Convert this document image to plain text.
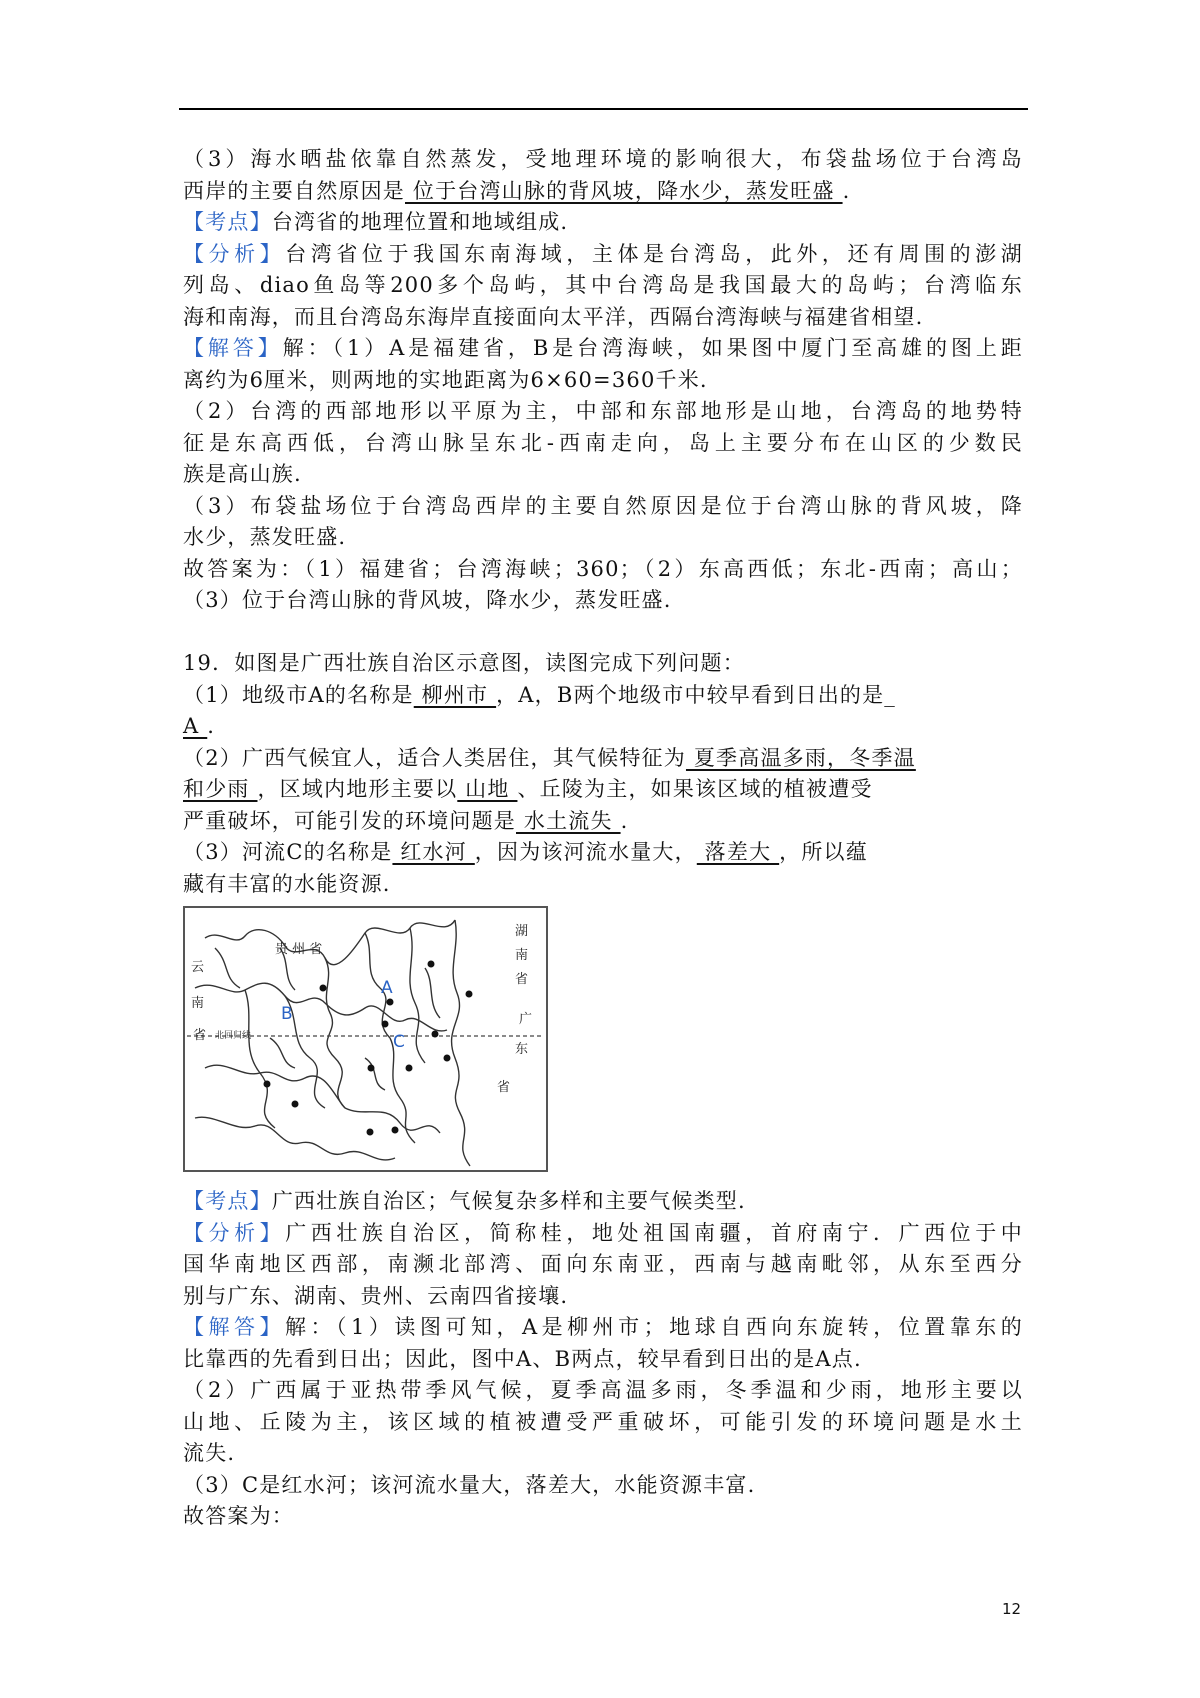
（3）海水晒盐依靠自然蒸发，受地理环境的影响很大，布袋盐场位于台湾岛
西岸的主要自然原因是 位于台湾山脉的背风坡，降水少，蒸发旺盛 .
【考点】台湾省的地理位置和地域组成.
【分析】台湾省位于我国东南海域，主体是台湾岛，此外，还有周围的澎湖
列岛、diao鱼岛等200多个岛屿，其中台湾岛是我国最大的岛屿；台湾临东
海和南海，而且台湾岛东海岸直接面向太平洋，西隔台湾海峡与福建省相望.
【解答】解：（1）A是福建省，B是台湾海峡，如果图中厦门至高雄的图上距
离约为6厘米，则两地的实地距离为6×60=360千米.
（2）台湾的西部地形以平原为主，中部和东部地形是山地，台湾岛的地势特
征是东高西低，台湾山脉呈东北-西南走向，岛上主要分布在山区的少数民
族是高山族.
（3）布袋盐场位于台湾岛西岸的主要自然原因是位于台湾山脉的背风坡，降
水少，蒸发旺盛.
故答案为：（1）福建省；台湾海峡；360；（2）东高西低；东北-西南；高山；
（3）位于台湾山脉的背风坡，降水少，蒸发旺盛.
19．如图是广西壮族自治区示意图，读图完成下列问题：
（1）地级市A的名称是 柳州市 ，A，B两个地级市中较早看到日出的是_
A .
（2）广西气候宜人，适合人类居住，其气候特征为 夏季高温多雨，冬季温
和少雨 ，区域内地形主要以 山地 、丘陵为主，如果该区域的植被遭受
严重破坏，可能引发的环境问题是 水土流失 .
（3）河流C的名称是 红水河 ，因为该河流水量大， 落差大 ，所以蕴
藏有丰富的水能资源.
贵 州 省
湖
南
省
云
南
省
广
东
省
北回归线
A
B
C
【考点】广西壮族自治区；气候复杂多样和主要气候类型.
【分析】广西壮族自治区，简称桂，地处祖国南疆，首府南宁．广西位于中
国华南地区西部，南濒北部湾、面向东南亚，西南与越南毗邻，从东至西分
别与广东、湖南、贵州、云南四省接壤.
【解答】解：（1）读图可知，A是柳州市；地球自西向东旋转，位置靠东的
比靠西的先看到日出；因此，图中A、B两点，较早看到日出的是A点.
（2）广西属于亚热带季风气候，夏季高温多雨，冬季温和少雨，地形主要以
山地、丘陵为主，该区域的植被遭受严重破坏，可能引发的环境问题是水土
流失.
（3）C是红水河；该河流水量大，落差大，水能资源丰富.
故答案为：
12
